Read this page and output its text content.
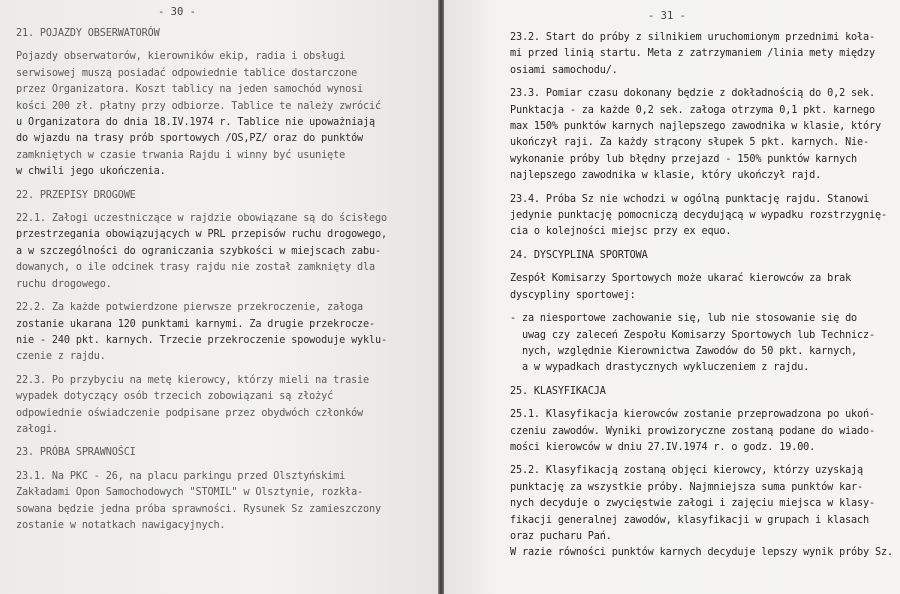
- 30 -
21. POJAZDY OBSERWATORÓW
Pojazdy obserwatorów, kierowników ekip, radia i obsługi
serwisowej muszą posiadać odpowiednie tablice dostarczone
przez Organizatora. Koszt tablicy na jeden samochód wynosi
kości 200 zł. płatny przy odbiorze. Tablice te należy zwrócić
u Organizatora do dnia 18.IV.1974 r. Tablice nie upoważniają
do wjazdu na trasy prób sportowych /OS,PZ/ oraz do punktów
zamkniętych w czasie trwania Rajdu i winny być usunięte
w chwili jego ukończenia.
22. PRZEPISY DROGOWE
22.1. Załogi uczestniczące w rajdzie obowiązane są do ścisłego
przestrzegania obowiązujących w PRL przepisów ruchu drogowego,
a w szczególności do ograniczania szybkości w miejscach zabu-
dowanych, o ile odcinek trasy rajdu nie został zamknięty dla
ruchu drogowego.
22.2. Za każde potwierdzone pierwsze przekroczenie, załoga
zostanie ukarana 120 punktami karnymi. Za drugie przekrocze-
nie - 240 pkt. karnych. Trzecie przekroczenie spowoduje wyklu-
czenie z rajdu.
22.3. Po przybyciu na metę kierowcy, którzy mieli na trasie
wypadek dotyczący osób trzecich zobowiązani są złożyć
odpowiednie oświadczenie podpisane przez obydwóch członków
załogi.
23. PRÓBA SPRAWNOŚCI
23.1. Na PKC - 26, na placu parkingu przed Olsztyńskimi
Zakładami Opon Samochodowych "STOMIL" w Olsztynie, rozkła-
sowana będzie jedna próba sprawności. Rysunek Sz zamieszczony
zostanie w notatkach nawigacyjnych.
- 31 -
23.2. Start do próby z silnikiem uruchomionym przednimi koła-
mi przed linią startu. Meta z zatrzymaniem /linia mety między
osiami samochodu/.
23.3. Pomiar czasu dokonany będzie z dokładnością do 0,2 sek.
Punktacja - za każde 0,2 sek. załoga otrzyma 0,1 pkt. karnego
max 150% punktów karnych najlepszego zawodnika w klasie, który
ukończył raji. Za każdy strącony słupek 5 pkt. karnych. Nie-
wykonanie próby lub błędny przejazd - 150% punktów karnych
najlepszego zawodnika w klasie, który ukończył rajd.
23.4. Próba Sz nie wchodzi w ogólną punktację rajdu. Stanowi
jedynie punktację pomocniczą decydującą w wypadku rozstrzygnię-
cia o kolejności miejsc przy ex equo.
24. DYSCYPLINA SPORTOWA
Zespół Komisarzy Sportowych może ukarać kierowców za brak
dyscypliny sportowej:
- za niesportowe zachowanie się, lub nie stosowanie się do
uwag czy zaleceń Zespołu Komisarzy Sportowych lub Technicz-
nych, względnie Kierownictwa Zawodów do 50 pkt. karnych,
a w wypadkach drastycznych wykluczeniem z rajdu.
25. KLASYFIKACJA
25.1. Klasyfikacja kierowców zostanie przeprowadzona po ukoń-
czeniu zawodów. Wyniki prowizoryczne zostaną podane do wiado-
mości kierowców w dniu 27.IV.1974 r. o godz. 19.00.
25.2. Klasyfikacją zostaną objęci kierowcy, którzy uzyskają
punktację za wszystkie próby. Najmniejsza suma punktów kar-
nych decyduje o zwycięstwie załogi i zajęciu miejsca w klasy-
fikacji generalnej zawodów, klasyfikacji w grupach i klasach
oraz pucharu Pań.
W razie równości punktów karnych decyduje lepszy wynik próby Sz.
